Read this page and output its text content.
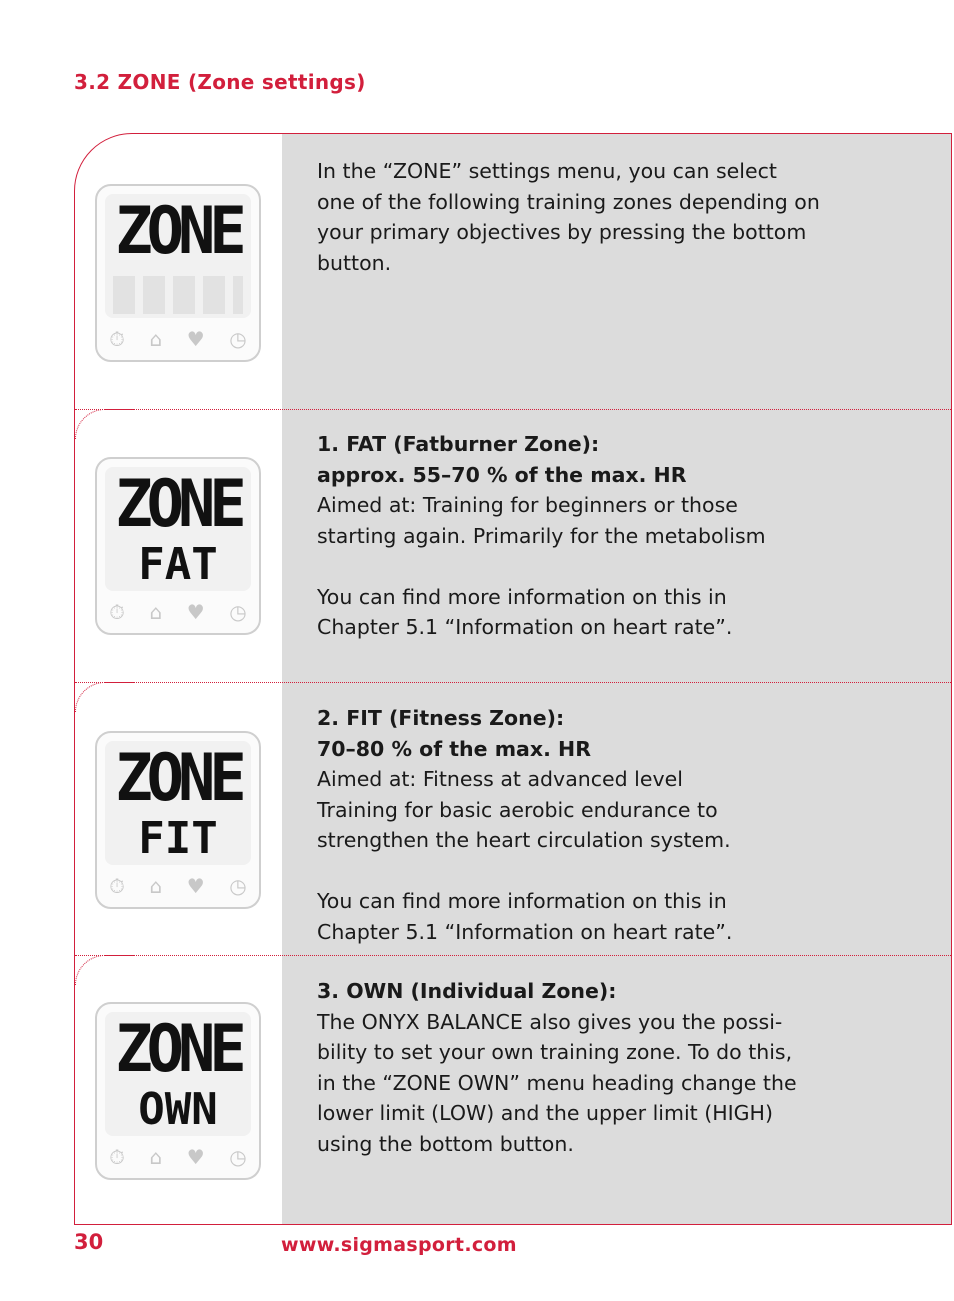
3.2 ZONE (Zone settings)
ZONE
⏱ ⌂ ♥ ◷

In the “ZONE” settings menu, you can select

one of the following training zones depending on

your primary objectives by pressing the bottom

button.

ZONE
FAT
⏱ ⌂ ♥ ◷

1. FAT (Fatburner Zone):

approx. 55–70 % of the max. HR

Aimed at: Training for beginners or those

starting again. Primarily for the metabolism

You can find more information on this in

Chapter 5.1 “Information on heart rate”.

ZONE
FIT
⏱ ⌂ ♥ ◷

2. FIT (Fitness Zone):

70–80 % of the max. HR

Aimed at: Fitness at advanced level

Training for basic aerobic endurance to

strengthen the heart circulation system.

You can find more information on this in

Chapter 5.1 “Information on heart rate”.

ZONE
OWN
⏱ ⌂ ♥ ◷

3. OWN (Individual Zone):

The ONYX BALANCE also gives you the possi-

bility to set your own training zone. To do this,

in the “ZONE OWN” menu heading change the

lower limit (LOW) and the upper limit (HIGH)

using the bottom button.

30	www.sigmasport.com
